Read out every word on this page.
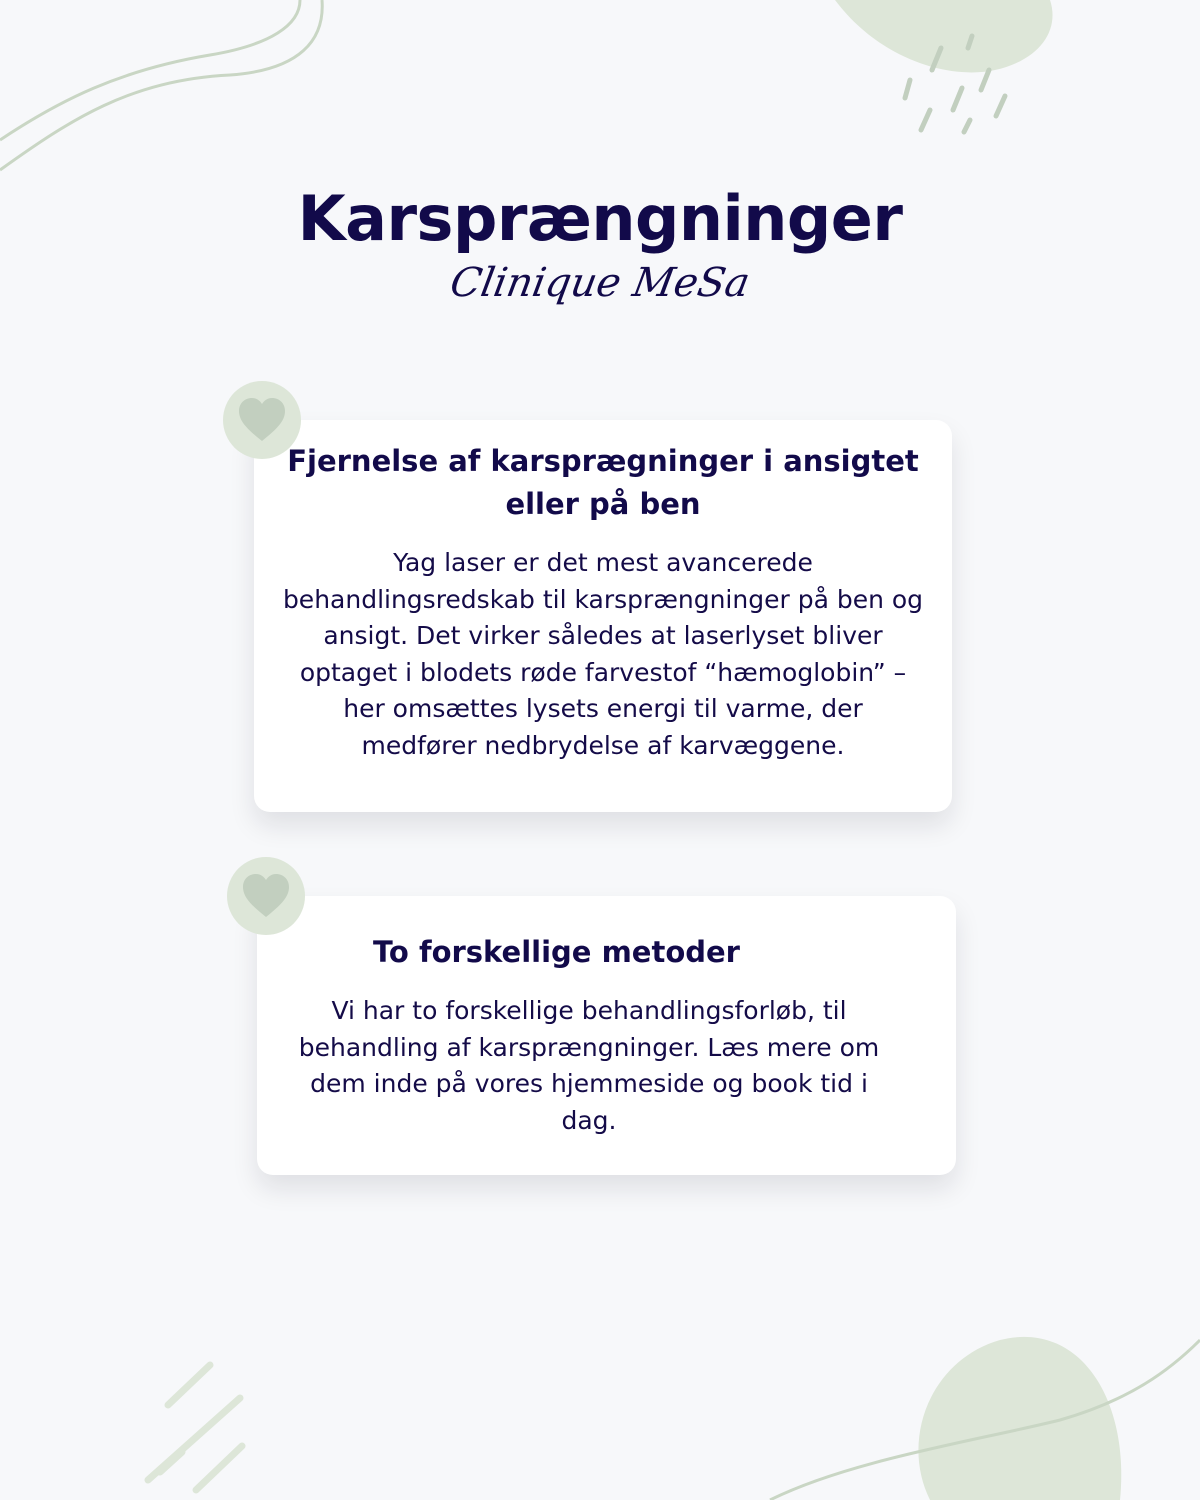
Karsprængninger
Clinique MeSa
Fjernelse af karsprægninger i ansigtet eller på ben

Yag laser er det mest avancerede behandlingsredskab til karsprængninger på ben og ansigt. Det virker således at laserlyset bliver optaget i blodets røde farvestof “hæmoglobin” – her omsættes lysets energi til varme, der medfører nedbrydelse af karvæggene.

To forskellige metoder

Vi har to forskellige behandlingsforløb, til behandling af karsprængninger. Læs mere om dem inde på vores hjemmeside og book tid i dag.
